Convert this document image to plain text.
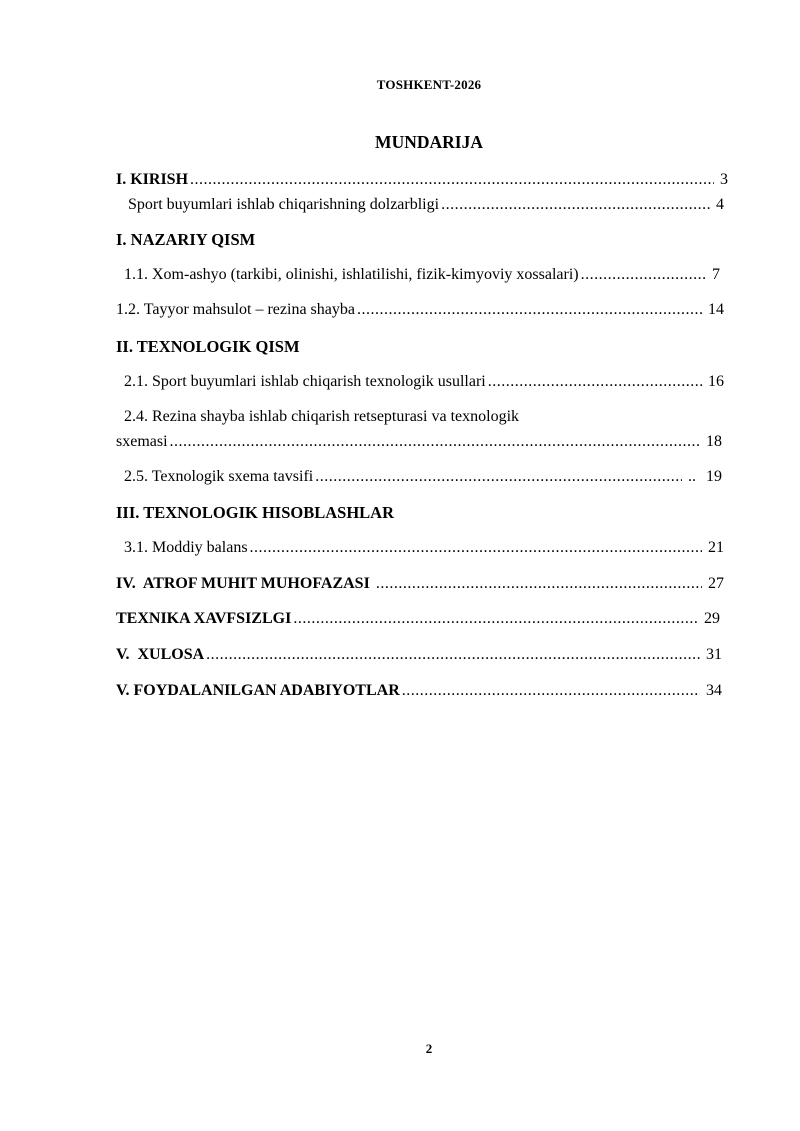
TOSHKENT-2026
MUNDARIJA
I. KIRISH .....	3
Sport buyumlari ishlab chiqarishning dolzarbligi .....	4
I. NAZARIY QISM
1.1. Xom-ashyo (tarkibi, olinishi, ishlatilishi, fizik-kimyoviy xossalari) .....	7
1.2. Tayyor mahsulot – rezina shayba .....	14
II. TEXNOLOGIK QISM
2.1. Sport buyumlari ishlab chiqarish texnologik usullari .....	16
2.4. Rezina shayba ishlab chiqarish retsepturasi va texnologik
sxemasi .....	18
2.5. Texnologik sxema tavsifi .....	.. 19
III. TEXNOLOGIK HISOBLASHLAR
3.1. Moddiy balans .....	21
IV.  ATROF MUHIT MUHOFAZASI .....	27
TEXNIKA XAVFSIZLGI .....	29
V.  XULOSA .....	31
V. FOYDALANILGAN ADABIYOTLAR .....	34
2
